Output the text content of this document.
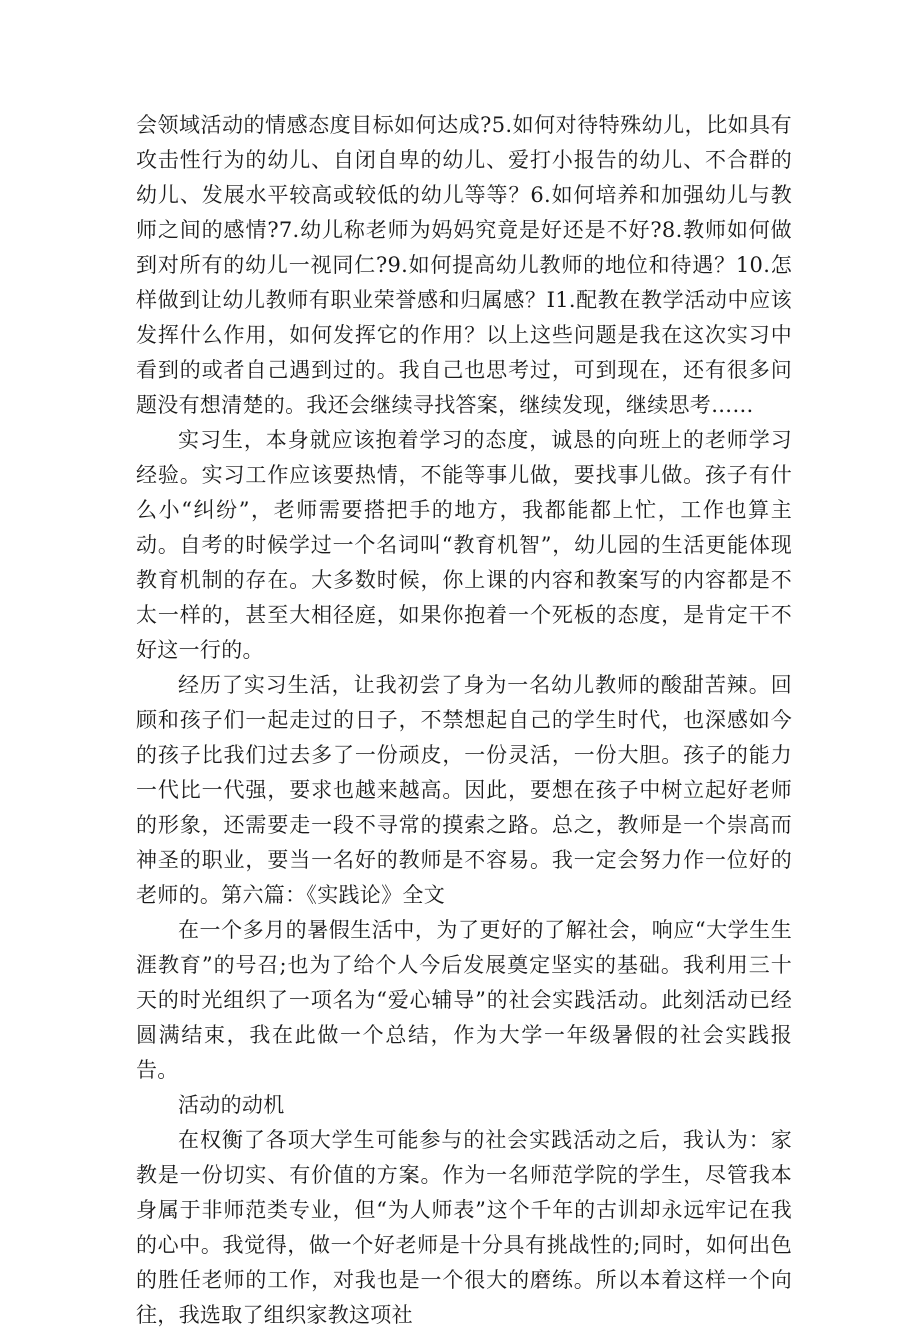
会领域活动的情感态度目标如何达成?5.如何对待特殊幼儿，比如具有攻击性行为的幼儿、自闭自卑的幼儿、爱打小报告的幼儿、不合群的幼儿、发展水平较高或较低的幼儿等等？6.如何培养和加强幼儿与教师之间的感情?7.幼儿称老师为妈妈究竟是好还是不好?8.教师如何做到对所有的幼儿一视同仁?9.如何提高幼儿教师的地位和待遇？10.怎样做到让幼儿教师有职业荣誉感和归属感？I1.配教在教学活动中应该发挥什么作用，如何发挥它的作用？以上这些问题是我在这次实习中看到的或者自己遇到过的。我自己也思考过，可到现在，还有很多问题没有想清楚的。我还会继续寻找答案，继续发现，继续思考……

实习生，本身就应该抱着学习的态度，诚恳的向班上的老师学习经验。实习工作应该要热情，不能等事儿做，要找事儿做。孩子有什么小“纠纷”，老师需要搭把手的地方，我都能都上忙，工作也算主动。自考的时候学过一个名词叫“教育机智”，幼儿园的生活更能体现教育机制的存在。大多数时候，你上课的内容和教案写的内容都是不太一样的，甚至大相径庭，如果你抱着一个死板的态度，是肯定干不好这一行的。

经历了实习生活，让我初尝了身为一名幼儿教师的酸甜苦辣。回顾和孩子们一起走过的日子，不禁想起自己的学生时代，也深感如今的孩子比我们过去多了一份顽皮，一份灵活，一份大胆。孩子的能力一代比一代强，要求也越来越高。因此，要想在孩子中树立起好老师的形象，还需要走一段不寻常的摸索之路。总之，教师是一个崇高而神圣的职业，要当一名好的教师是不容易。我一定会努力作一位好的老师的。第六篇：《实践论》全文

在一个多月的暑假生活中，为了更好的了解社会，响应“大学生生涯教育”的号召;也为了给个人今后发展奠定坚实的基础。我利用三十天的时光组织了一项名为“爱心辅导”的社会实践活动。此刻活动已经圆满结束，我在此做一个总结，作为大学一年级暑假的社会实践报告。

活动的动机

在权衡了各项大学生可能参与的社会实践活动之后，我认为：家教是一份切实、有价值的方案。作为一名师范学院的学生，尽管我本身属于非师范类专业，但“为人师表”这个千年的古训却永远牢记在我的心中。我觉得，做一个好老师是十分具有挑战性的;同时，如何出色的胜任老师的工作，对我也是一个很大的磨练。所以本着这样一个向往，我选取了组织家教这项社
